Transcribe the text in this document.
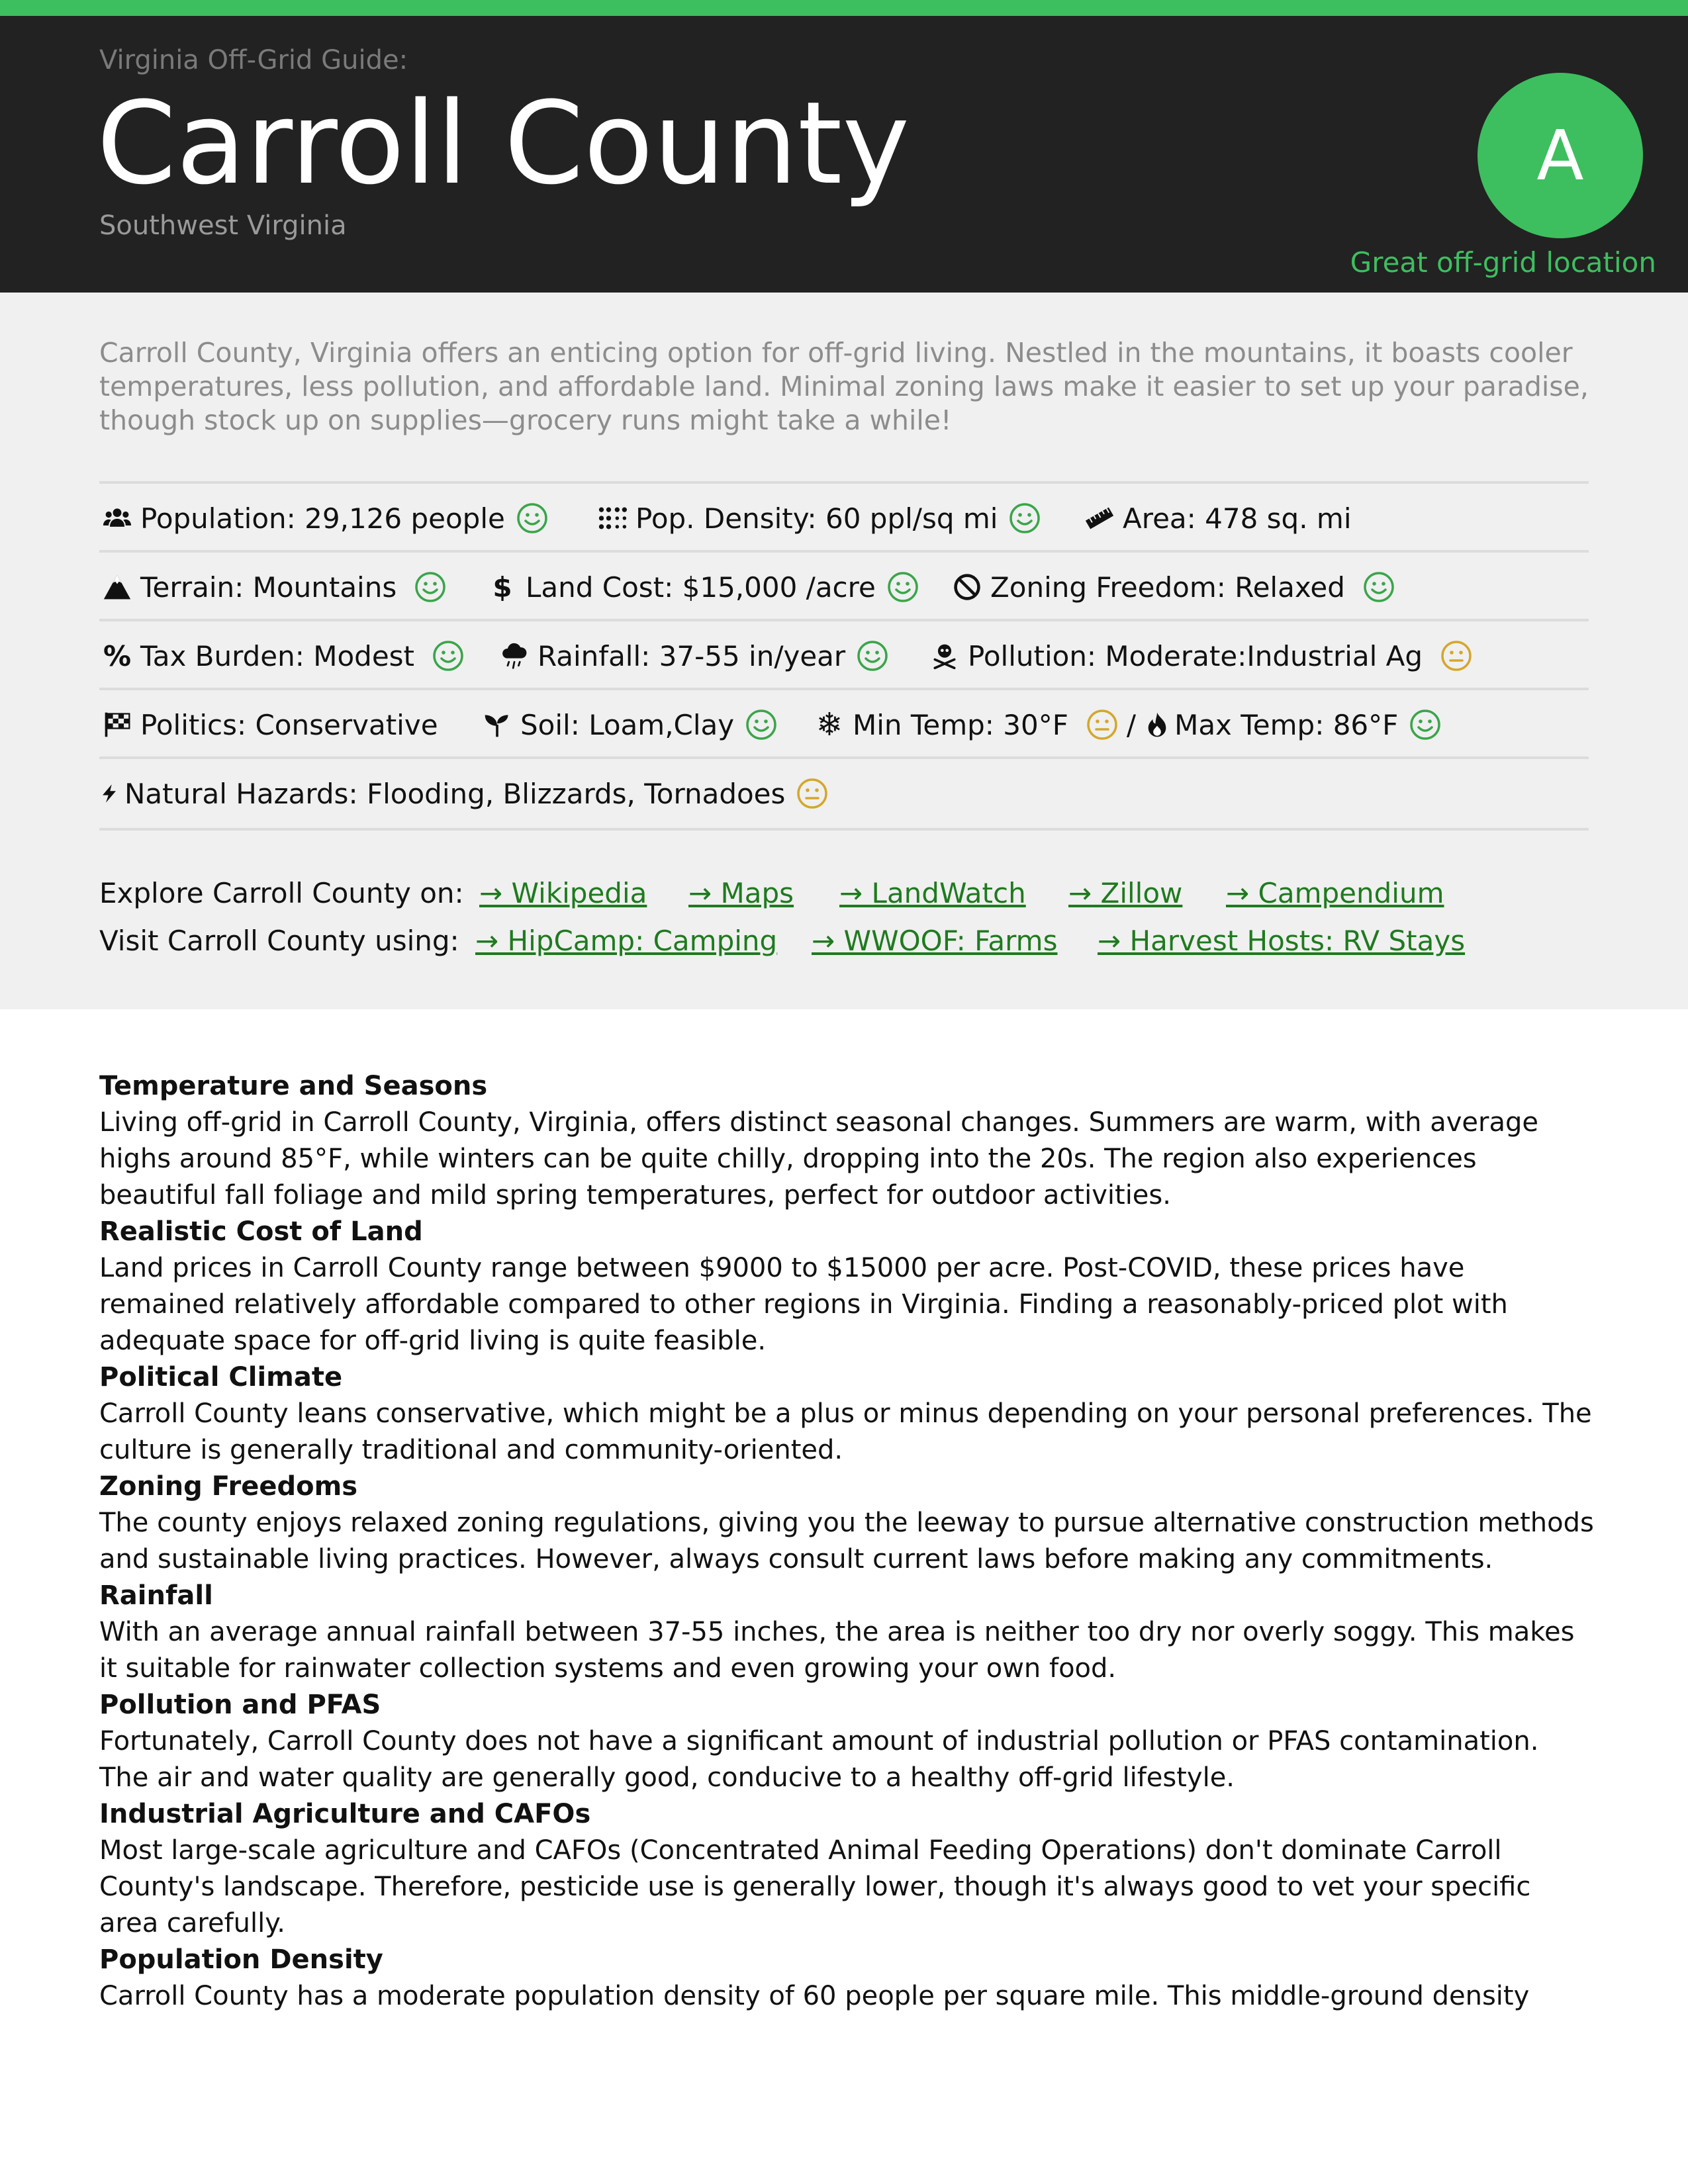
Virginia Off-Grid Guide:
Carroll County
Southwest Virginia
A
Great off-grid location
Carroll County, Virginia offers an enticing option for off-grid living. Nestled in the mountains, it boasts cooler temperatures, less pollution, and affordable land. Minimal zoning laws make it easier to set up your paradise, though stock up on supplies—grocery runs might take a while!
Population: 29,126 people	Pop. Density: 60 ppl/sq mi	Area: 478 sq. mi
Terrain: Mountains	$ Land Cost: $15,000 /acre	Zoning Freedom: Relaxed
% Tax Burden: Modest	Rainfall: 37-55 in/year	Pollution: Moderate:Industrial Ag
Politics: Conservative	Soil: Loam,Clay	❄ Min Temp: 30°F / Max Temp: 86°F
Natural Hazards: Flooding, Blizzards, Tornadoes
Explore Carroll County on: → Wikipedia → Maps → LandWatch → Zillow → Campendium
Visit Carroll County using: → HipCamp: Camping → WWOOF: Farms → Harvest Hosts: RV Stays
Temperature and Seasons

Living off-grid in Carroll County, Virginia, offers distinct seasonal changes. Summers are warm, with average highs around 85°F, while winters can be quite chilly, dropping into the 20s. The region also experiences beautiful fall foliage and mild spring temperatures, perfect for outdoor activities.

Realistic Cost of Land

Land prices in Carroll County range between $9000 to $15000 per acre. Post-COVID, these prices have remained relatively affordable compared to other regions in Virginia. Finding a reasonably-priced plot with adequate space for off-grid living is quite feasible.

Political Climate

Carroll County leans conservative, which might be a plus or minus depending on your personal preferences. The culture is generally traditional and community-oriented.

Zoning Freedoms

The county enjoys relaxed zoning regulations, giving you the leeway to pursue alternative construction methods and sustainable living practices. However, always consult current laws before making any commitments.

Rainfall

With an average annual rainfall between 37-55 inches, the area is neither too dry nor overly soggy. This makes it suitable for rainwater collection systems and even growing your own food.

Pollution and PFAS

Fortunately, Carroll County does not have a significant amount of industrial pollution or PFAS contamination. The air and water quality are generally good, conducive to a healthy off-grid lifestyle.

Industrial Agriculture and CAFOs

Most large-scale agriculture and CAFOs (Concentrated Animal Feeding Operations) don't dominate Carroll County's landscape. Therefore, pesticide use is generally lower, though it's always good to vet your specific area carefully.

Population Density

Carroll County has a moderate population density of 60 people per square mile. This middle-ground density
